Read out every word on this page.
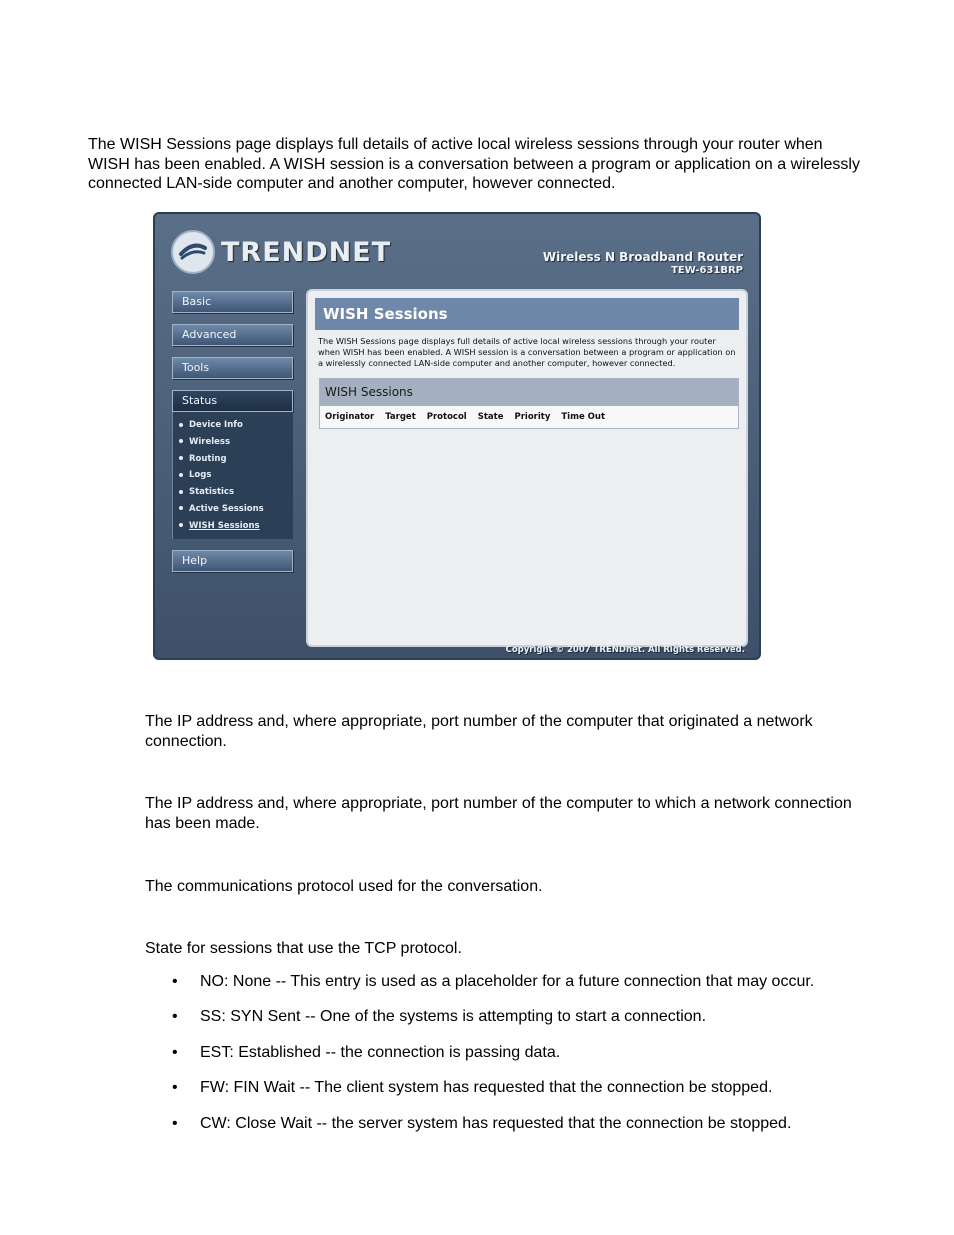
The WISH Sessions page displays full details of active local wireless sessions through your router when WISH has been enabled. A WISH session is a conversation between a program or application on a wirelessly connected LAN-side computer and another computer, however connected.

TRENDNET	Wireless N Broadband Router
TEW-631BRP
Basic
Advanced
Tools
Status
Device Info
Wireless
Routing
Logs
Statistics
Active Sessions
WISH Sessions
Help
WISH Sessions
The WISH Sessions page displays full details of active local wireless sessions through your router when WISH has been enabled. A WISH session is a conversation between a program or application on a wirelessly connected LAN-side computer and another computer, however connected.
WISH Sessions
Originator Target Protocol State Priority Time Out
Copyright © 2007 TRENDnet. All Rights Reserved.

The IP address and, where appropriate, port number of the computer that originated a network connection.

The IP address and, where appropriate, port number of the computer to which a network connection has been made.

The communications protocol used for the conversation.

State for sessions that use the TCP protocol.

• NO: None -- This entry is used as a placeholder for a future connection that may occur.
• SS: SYN Sent -- One of the systems is attempting to start a connection.
• EST: Established -- the connection is passing data.
• FW: FIN Wait -- The client system has requested that the connection be stopped.
• CW: Close Wait -- the server system has requested that the connection be stopped.
